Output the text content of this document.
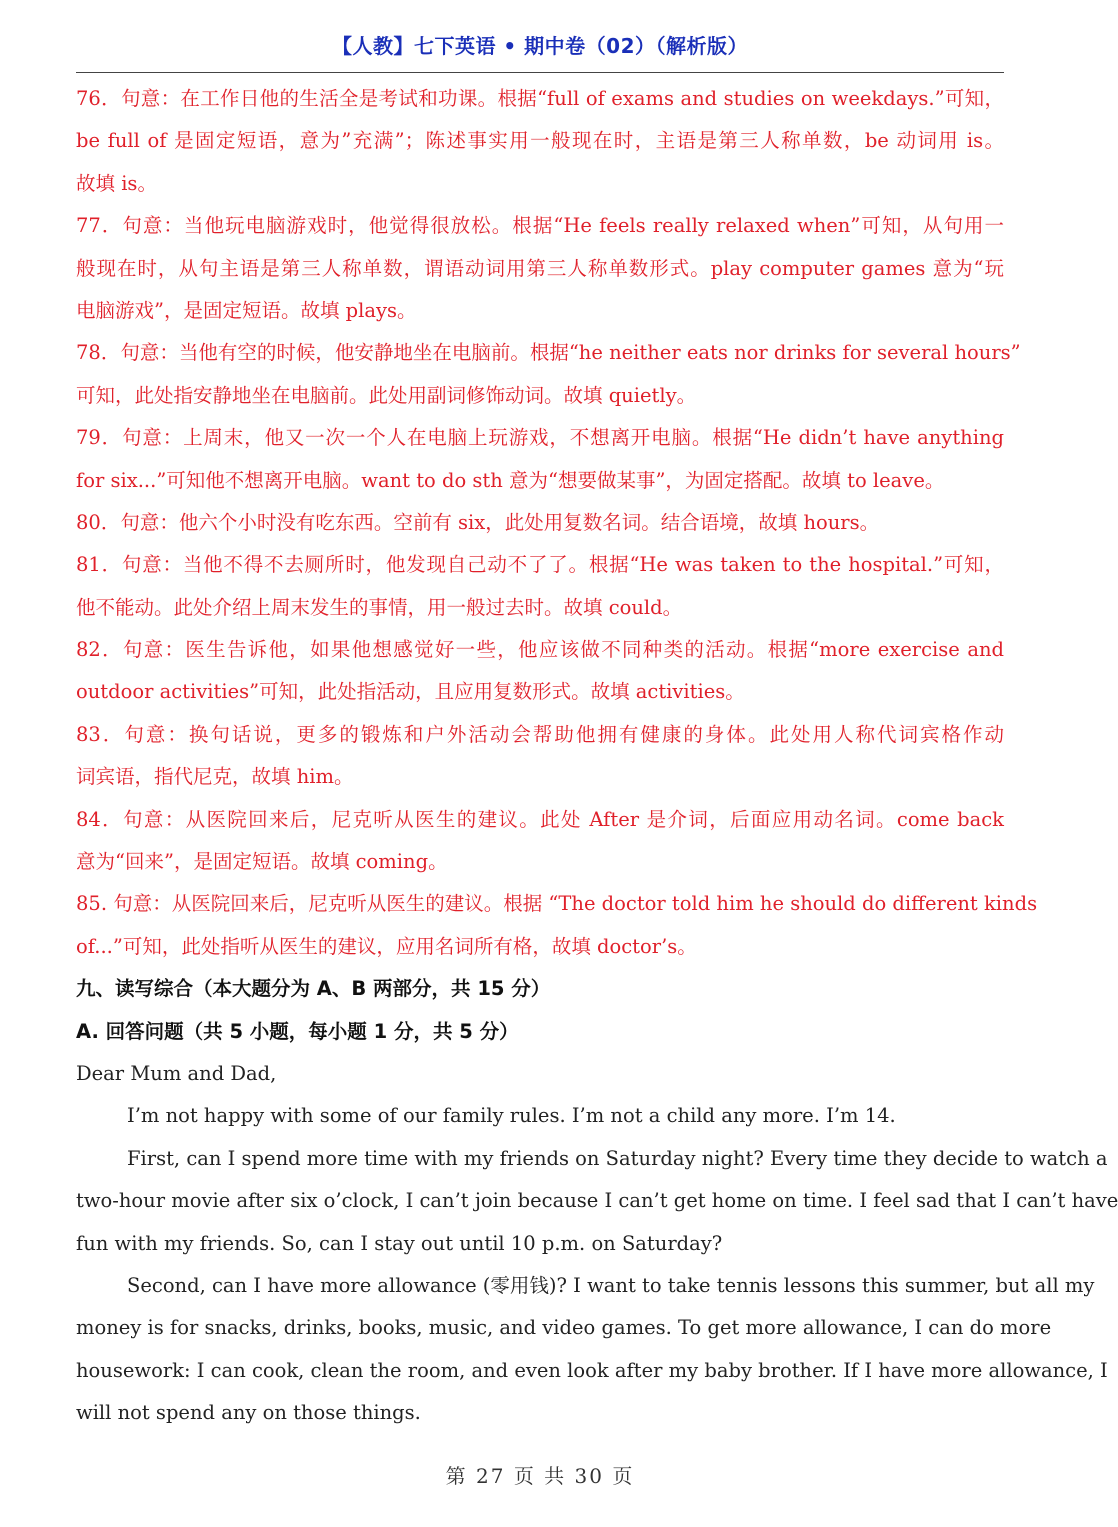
【人教】七下英语 • 期中卷（02）（解析版）
76．句意：在工作日他的生活全是考试和功课。根据“full of exams and studies on weekdays.”可知，
be full of 是固定短语，意为”充满”；陈述事实用一般现在时，主语是第三人称单数，be 动词用 is。
故填 is。
77．句意：当他玩电脑游戏时，他觉得很放松。根据“He feels really relaxed when”可知，从句用一
般现在时，从句主语是第三人称单数，谓语动词用第三人称单数形式。play computer games 意为“玩
电脑游戏”，是固定短语。故填 plays。
78．句意：当他有空的时候，他安静地坐在电脑前。根据“he neither eats nor drinks for several hours”
可知，此处指安静地坐在电脑前。此处用副词修饰动词。故填 quietly。
79．句意：上周末，他又一次一个人在电脑上玩游戏，不想离开电脑。根据“He didn’t have anything
for six...”可知他不想离开电脑。want to do sth 意为“想要做某事”，为固定搭配。故填 to leave。
80．句意：他六个小时没有吃东西。空前有 six，此处用复数名词。结合语境，故填 hours。
81．句意：当他不得不去厕所时，他发现自己动不了了。根据“He was taken to the hospital.”可知，
他不能动。此处介绍上周末发生的事情，用一般过去时。故填 could。
82．句意：医生告诉他，如果他想感觉好一些，他应该做不同种类的活动。根据“more exercise and
outdoor activities”可知，此处指活动，且应用复数形式。故填 activities。
83．句意：换句话说，更多的锻炼和户外活动会帮助他拥有健康的身体。此处用人称代词宾格作动
词宾语，指代尼克，故填 him。
84．句意：从医院回来后，尼克听从医生的建议。此处 After 是介词，后面应用动名词。come back
意为“回来”，是固定短语。故填 coming。
85. 句意：从医院回来后，尼克听从医生的建议。根据 “The doctor told him he should do different kinds
of...”可知，此处指听从医生的建议，应用名词所有格，故填 doctor’s。
九、读写综合（本大题分为 A、B 两部分，共 15 分）
A. 回答问题（共 5 小题，每小题 1 分，共 5 分）
Dear Mum and Dad,
I’m not happy with some of our family rules. I’m not a child any more. I’m 14.
First, can I spend more time with my friends on Saturday night? Every time they decide to watch a
two-hour movie after six o’clock, I can’t join because I can’t get home on time. I feel sad that I can’t have
fun with my friends. So, can I stay out until 10 p.m. on Saturday?
Second, can I have more allowance (零用钱)? I want to take tennis lessons this summer, but all my
money is for snacks, drinks, books, music, and video games. To get more allowance, I can do more
housework: I can cook, clean the room, and even look after my baby brother. If I have more allowance, I
will not spend any on those things.
第 27 页 共 30 页
